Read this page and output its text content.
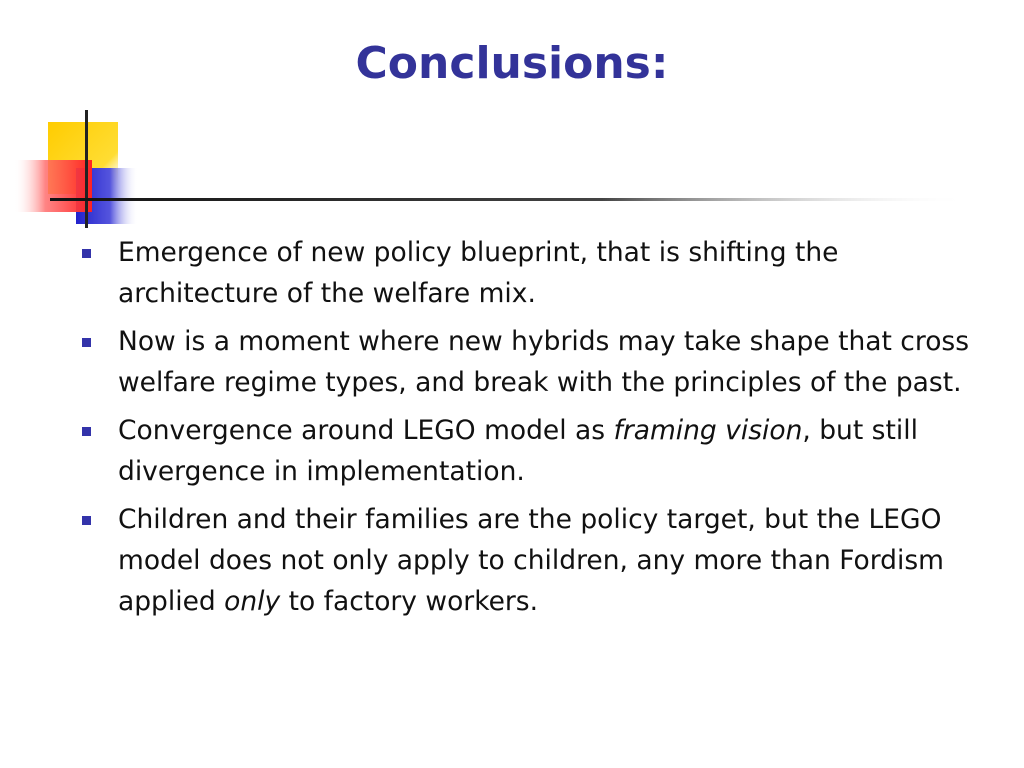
Conclusions:
Emergence of new policy blueprint, that is shifting the architecture of the welfare mix.
Now is a moment where new hybrids may take shape that cross welfare regime types, and break with the principles of the past.
Convergence around LEGO model as framing vision, but still divergence in implementation.
Children and their families are the policy target, but the LEGO model does not only apply to children, any more than Fordism applied only to factory workers.
